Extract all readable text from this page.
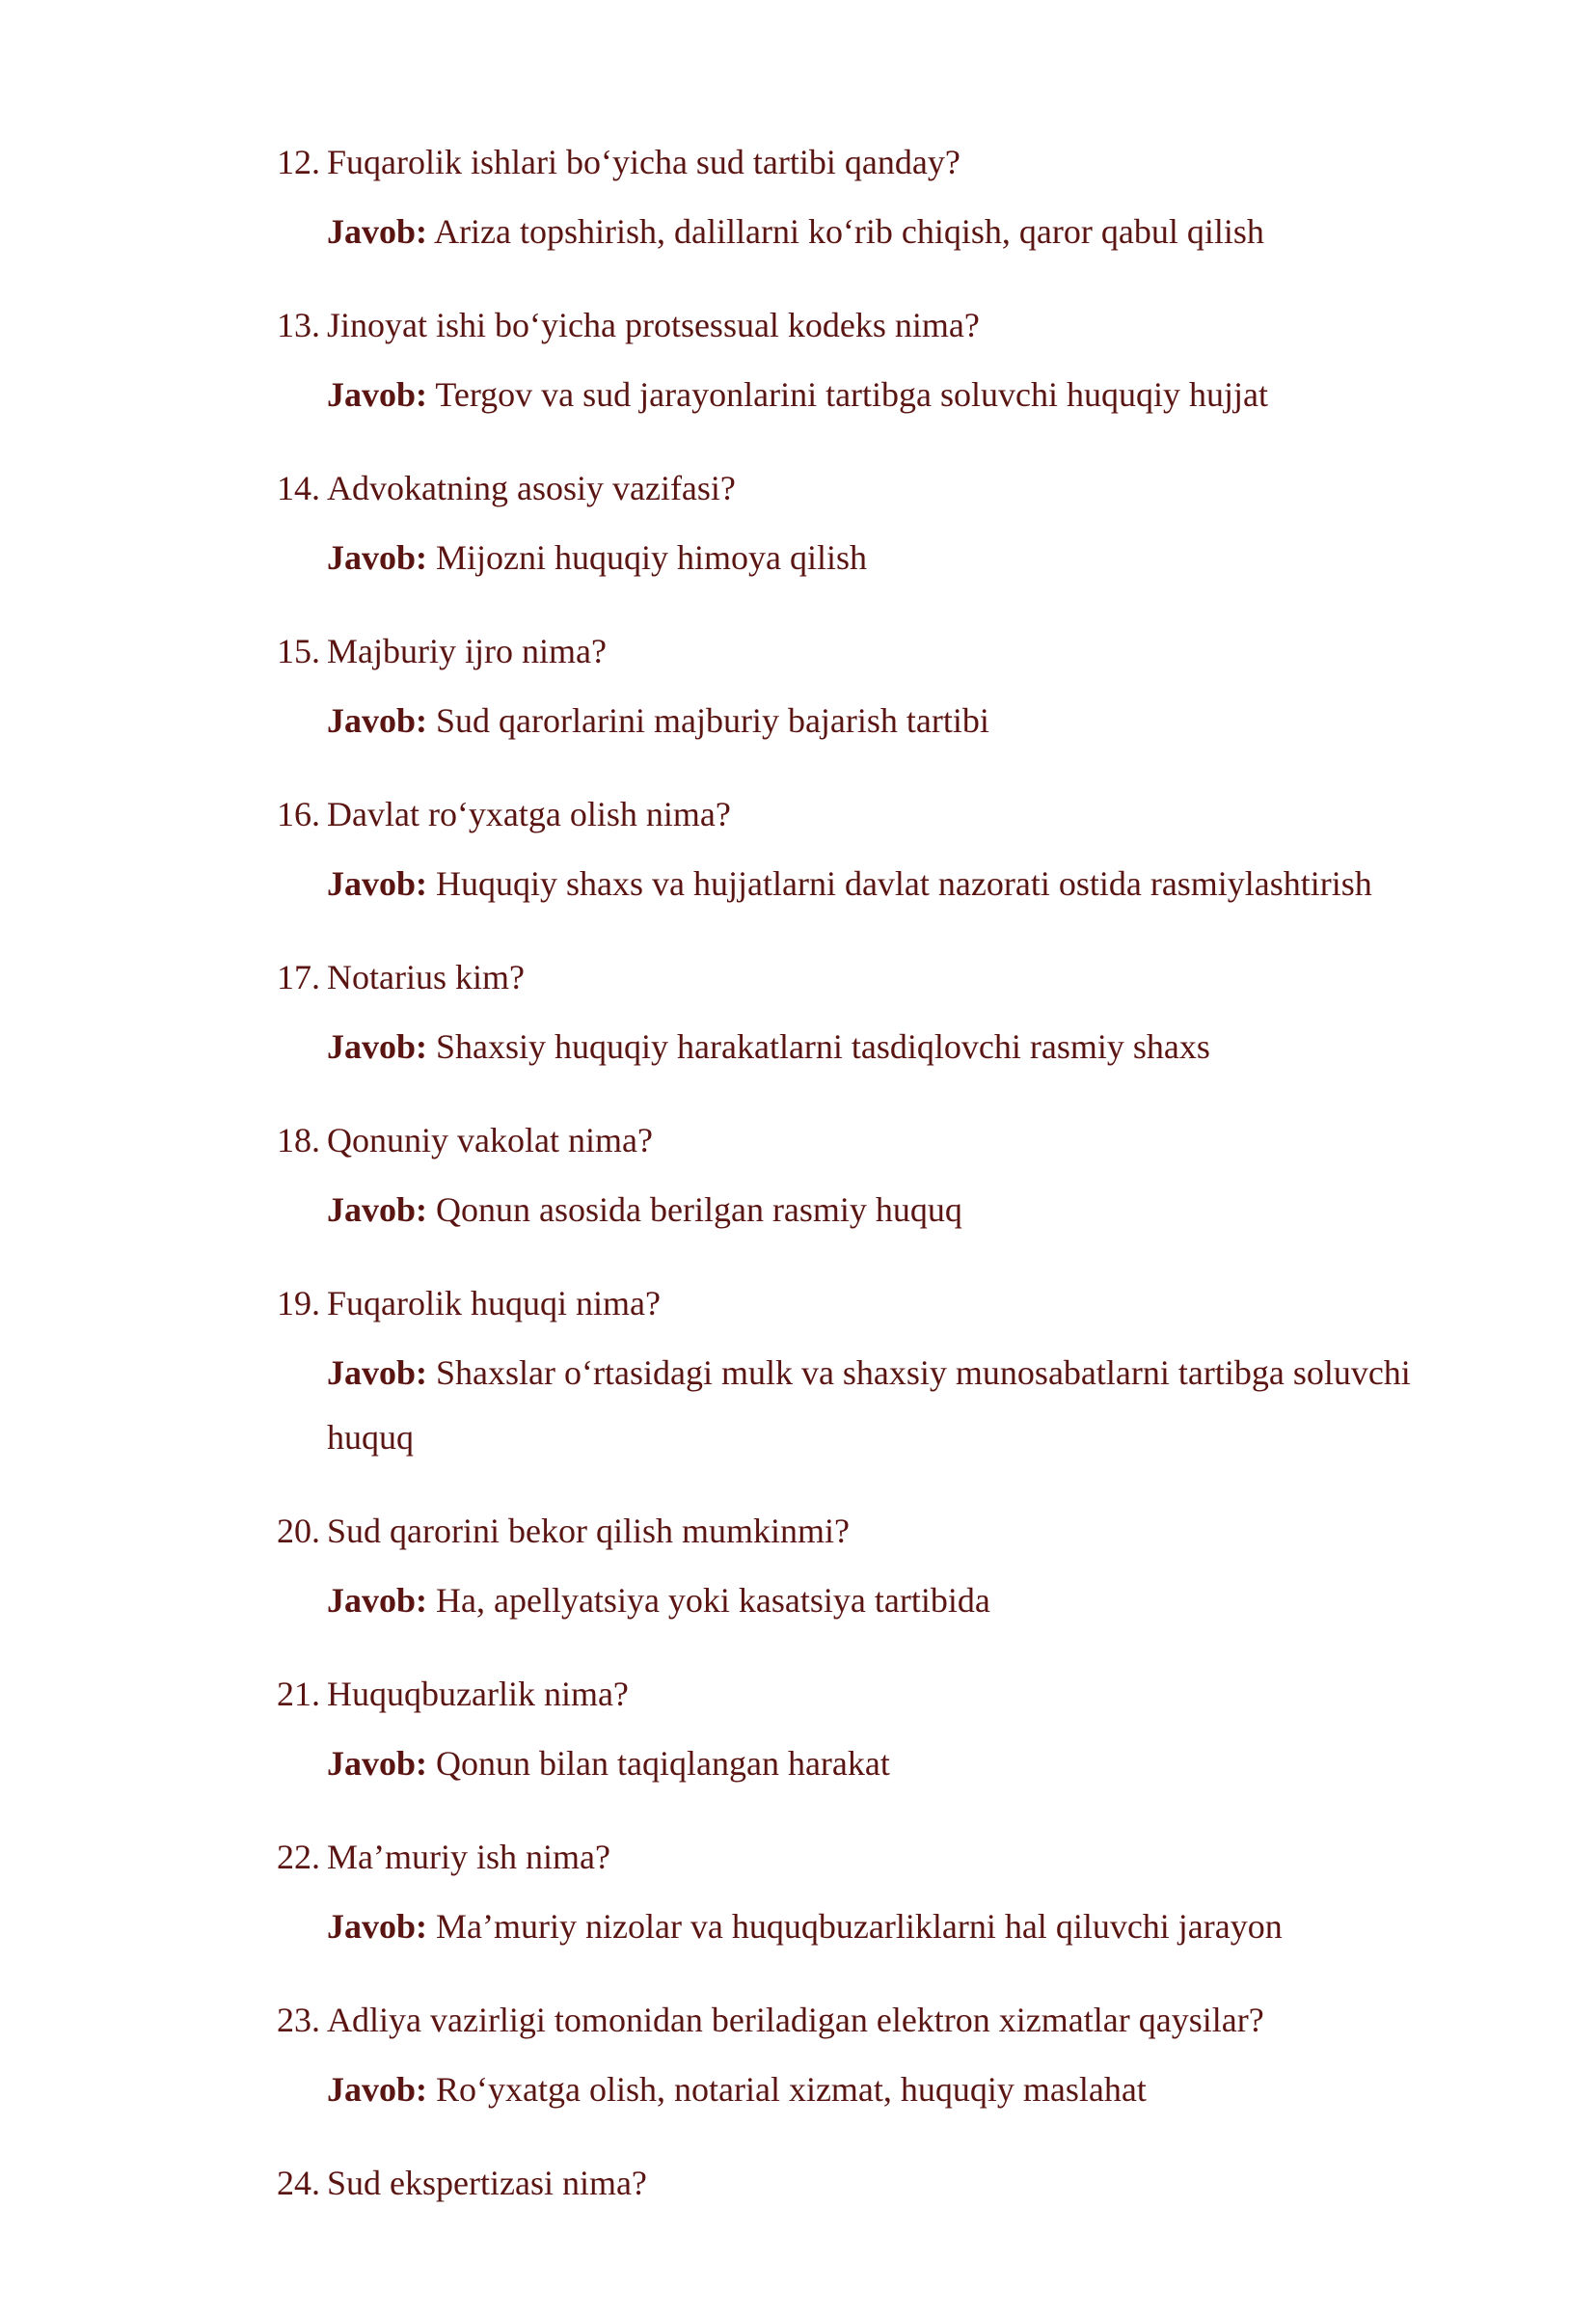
12. Fuqarolik ishlari bo‘yicha sud tartibi qanday?
Javob: Ariza topshirish, dalillarni ko‘rib chiqish, qaror qabul qilish
13. Jinoyat ishi bo‘yicha protsessual kodeks nima?
Javob: Tergov va sud jarayonlarini tartibga soluvchi huquqiy hujjat
14. Advokatning asosiy vazifasi?
Javob: Mijozni huquqiy himoya qilish
15. Majburiy ijro nima?
Javob: Sud qarorlarini majburiy bajarish tartibi
16. Davlat ro‘yxatga olish nima?
Javob: Huquqiy shaxs va hujjatlarni davlat nazorati ostida rasmiylashtirish
17. Notarius kim?
Javob: Shaxsiy huquqiy harakatlarni tasdiqlovchi rasmiy shaxs
18. Qonuniy vakolat nima?
Javob: Qonun asosida berilgan rasmiy huquq
19. Fuqarolik huquqi nima?
Javob: Shaxslar o‘rtasidagi mulk va shaxsiy munosabatlarni tartibga soluvchi huquq
20. Sud qarorini bekor qilish mumkinmi?
Javob: Ha, apellyatsiya yoki kasatsiya tartibida
21. Huquqbuzarlik nima?
Javob: Qonun bilan taqiqlangan harakat
22. Ma’muriy ish nima?
Javob: Ma’muriy nizolar va huquqbuzarliklarni hal qiluvchi jarayon
23. Adliya vazirligi tomonidan beriladigan elektron xizmatlar qaysilar?
Javob: Ro‘yxatga olish, notarial xizmat, huquqiy maslahat
24. Sud ekspertizasi nima?
